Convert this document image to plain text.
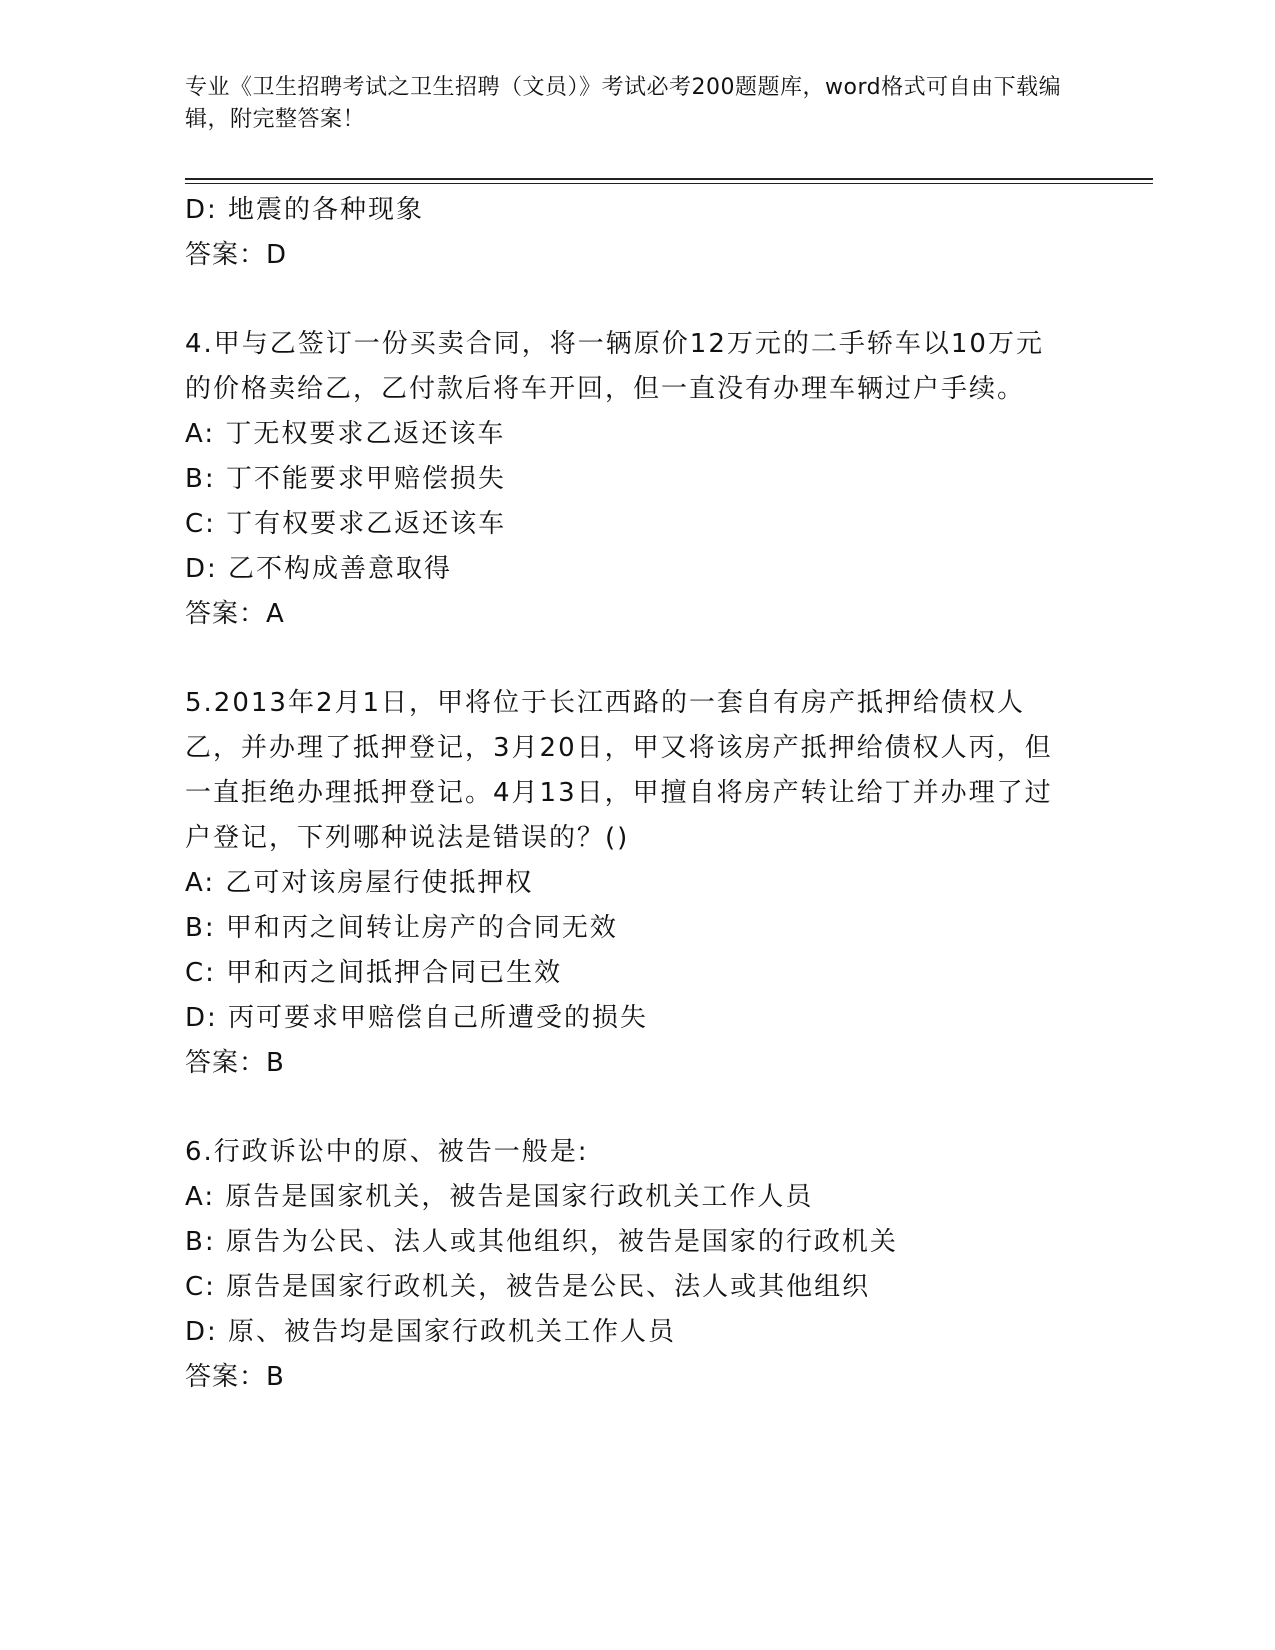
专业《卫生招聘考试之卫生招聘（文员）》考试必考200题题库，word格式可自由下载编辑，附完整答案！
D: 地震的各种现象
答案：D
4.甲与乙签订一份买卖合同，将一辆原价12万元的二手轿车以10万元的价格卖给乙，乙付款后将车开回，但一直没有办理车辆过户手续。
A: 丁无权要求乙返还该车
B: 丁不能要求甲赔偿损失
C: 丁有权要求乙返还该车
D: 乙不构成善意取得
答案：A
5.2013年2月1日，甲将位于长江西路的一套自有房产抵押给债权人乙，并办理了抵押登记，3月20日，甲又将该房产抵押给债权人丙，但一直拒绝办理抵押登记。4月13日，甲擅自将房产转让给丁并办理了过户登记，下列哪种说法是错误的？()
A: 乙可对该房屋行使抵押权
B: 甲和丙之间转让房产的合同无效
C: 甲和丙之间抵押合同已生效
D: 丙可要求甲赔偿自己所遭受的损失
答案：B
6.行政诉讼中的原、被告一般是:
A: 原告是国家机关，被告是国家行政机关工作人员
B: 原告为公民、法人或其他组织，被告是国家的行政机关
C: 原告是国家行政机关，被告是公民、法人或其他组织
D: 原、被告均是国家行政机关工作人员
答案：B
